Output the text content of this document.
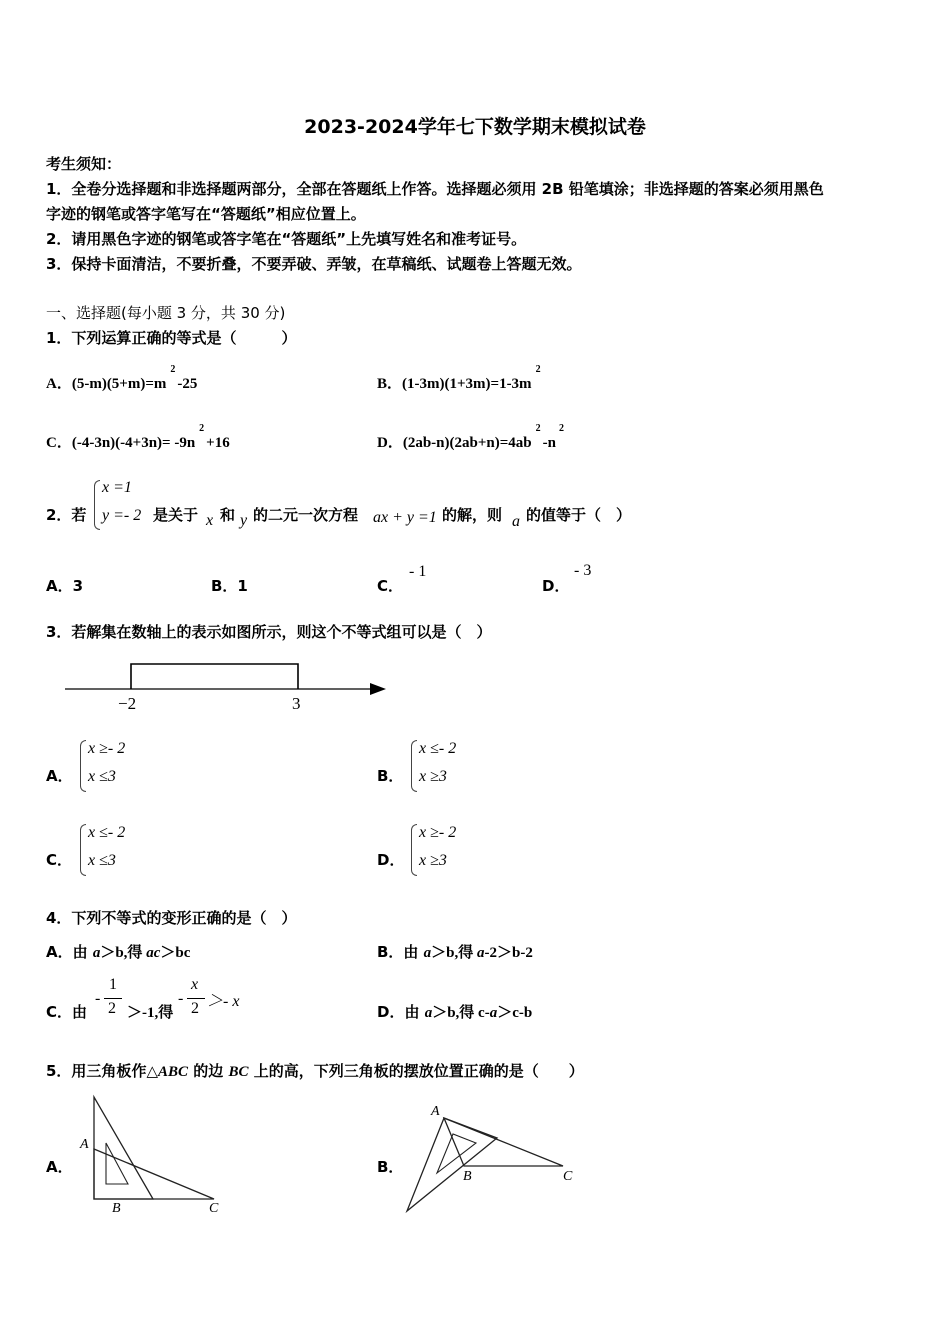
2023-2024学年七下数学期末模拟试卷
考生须知：
1．全卷分选择题和非选择题两部分，全部在答题纸上作答。选择题必须用 2B 铅笔填涂；非选择题的答案必须用黑色
字迹的钢笔或答字笔写在“答题纸”相应位置上。
2．请用黑色字迹的钢笔或答字笔在“答题纸”上先填写姓名和准考证号。
3．保持卡面清洁，不要折叠，不要弄破、弄皱，在草稿纸、试题卷上答题无效。
一、选择题(每小题 3 分，共 30 分)
1．下列运算正确的等式是（　　　）
A．$(5-m)(5+m)=m^2-25$	B．$(1-3m)(1+3m)=1-3m^2$
C．$(-4-3n)(-4+3n)= -9n^2+16$	D．$(2ab-n)(2ab+n)=4ab^2-n^2$
2．若
x =1
y =- 2 是关于 x 和 y 的二元一次方程 ax + y =1 的解，则 a 的值等于（　）
A．3	B．1	C．
- 1
D．
- 3
3．若解集在数轴上的表示如图所示，则这个不等式组可以是（　）
−2	3
A．
x ≥- 2
x ≤3	B．
x ≤- 2
x ≥3
C．
x ≤- 2
x ≤3	D．
x ≥- 2
x ≥3
4．下列不等式的变形正确的是（　）
A．由 a＞b,得 ac＞bc	B．由 a＞b,得 a-2＞b-2
C．由
-
1
2 ＞-1,得
-
x
2 ＞- x
D．由 a＞b,得 c-a＞c-b
5．用三角板作△ABC 的边 BC 上的高，下列三角板的摆放位置正确的是（　　）
A．
A
B	C
B．
A
B	C
